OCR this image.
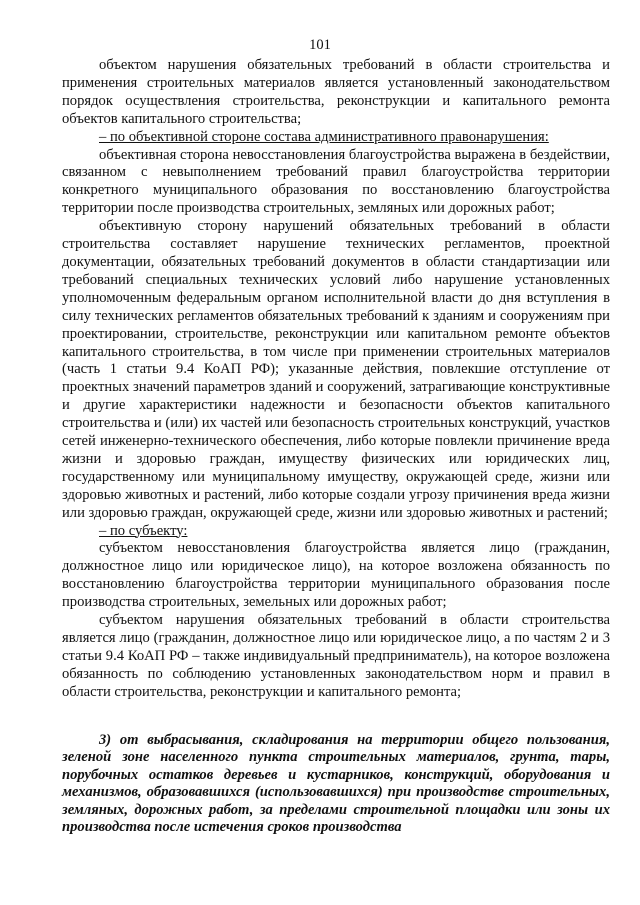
101

объектом нарушения обязательных требований в области строительства и применения строительных материалов является установленный законодательством порядок осуществления строительства, реконструкции и капитального ремонта объектов капитального строительства;

– по объективной стороне состава административного правонарушения:

объективная сторона невосстановления благоустройства выражена в бездействии, связанном с невыполнением требований правил благоустройства территории конкретного муниципального образования по восстановлению благоустройства территории после производства строительных, земляных или дорожных работ;

объективную сторону нарушений обязательных требований в области строительства составляет нарушение технических регламентов, проектной документации, обязательных требований документов в области стандартизации или требований специальных технических условий либо нарушение установленных уполномоченным федеральным органом исполнительной власти до дня вступления в силу технических регламентов обязательных требований к зданиям и сооружениям при проектировании, строительстве, реконструкции или капитальном ремонте объектов капитального строительства, в том числе при применении строительных материалов (часть 1 статьи 9.4 КоАП РФ); указанные действия, повлекшие отступление от проектных значений параметров зданий и сооружений, затрагивающие конструктивные и другие характеристики надежности и безопасности объектов капитального строительства и (или) их частей или безопасность строительных конструкций, участков сетей инженерно-технического обеспечения, либо которые повлекли причинение вреда жизни и здоровью граждан, имуществу физических или юридических лиц, государственному или муниципальному имуществу, окружающей среде, жизни или здоровью животных и растений, либо которые создали угрозу причинения вреда жизни или здоровью граждан, окружающей среде, жизни или здоровью животных и растений;

– по субъекту:

субъектом невосстановления благоустройства является лицо (гражданин, должностное лицо или юридическое лицо), на которое возложена обязанность по восстановлению благоустройства территории муниципального образования после производства строительных, земельных или дорожных работ;

субъектом нарушения обязательных требований в области строительства является лицо (гражданин, должностное лицо или юридическое лицо, а по частям 2 и 3 статьи 9.4 КоАП РФ – также индивидуальный предприниматель), на которое возложена обязанность по соблюдению установленных законодательством норм и правил в области строительства, реконструкции и капитального ремонта;

3) от выбрасывания, складирования на территории общего пользования, зеленой зоне населенного пункта строительных материалов, грунта, тары, порубочных остатков деревьев и кустарников, конструкций, оборудования и механизмов, образовавшихся (использовавшихся) при производстве строительных, земляных, дорожных работ, за пределами строительной площадки или зоны их производства после истечения сроков производства
